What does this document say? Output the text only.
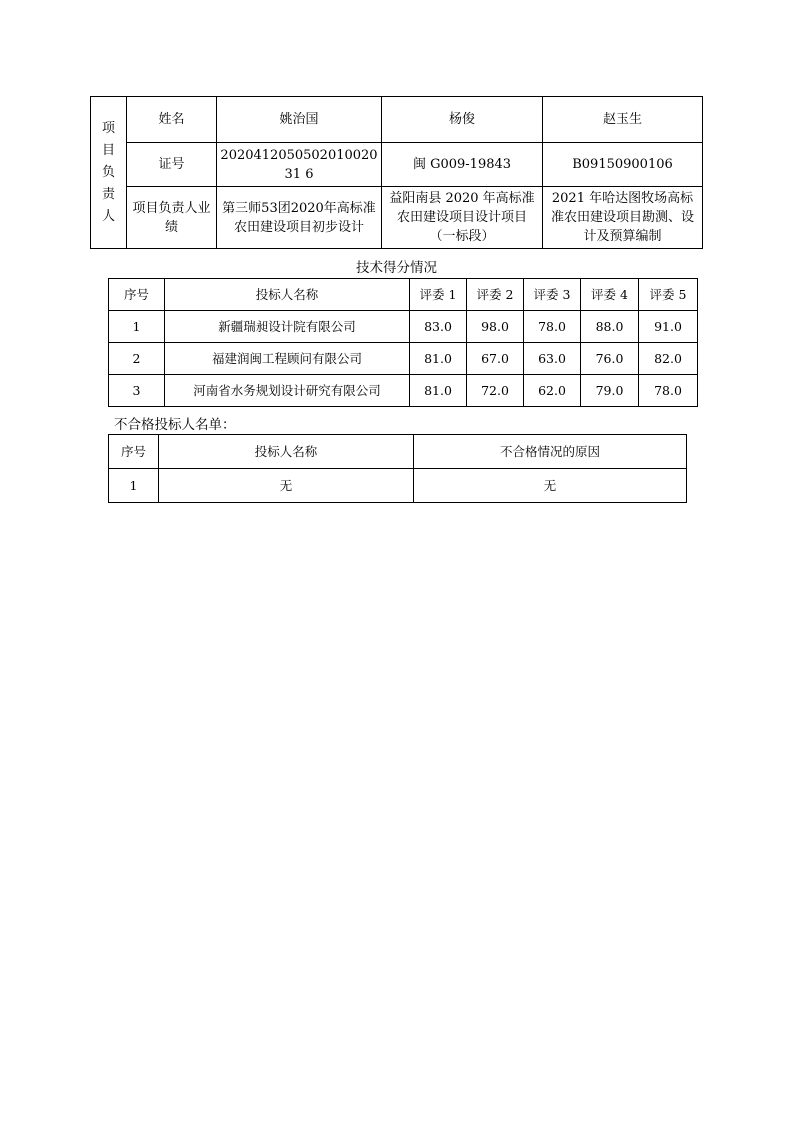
项
目
负
责
人	姓名	姚治国	杨俊	赵玉生
	证号	202041205050201002031 6	闽 G009-19843	B09150900106
	项目负责人业绩	第三师53团2020年高标准农田建设项目初步设计	益阳南县 2020 年高标准农田建设项目设计项目（一标段）	2021 年哈达图牧场高标准农田建设项目勘测、设计及预算编制
技术得分情况
序号	投标人名称	评委 1	评委 2	评委 3	评委 4	评委 5
1	新疆瑞昶设计院有限公司	83.0	98.0	78.0	88.0	91.0
2	福建润闽工程顾问有限公司	81.0	67.0	63.0	76.0	82.0
3	河南省水务规划设计研究有限公司	81.0	72.0	62.0	79.0	78.0
不合格投标人名单：
序号	投标人名称	不合格情况的原因
1	无	无
